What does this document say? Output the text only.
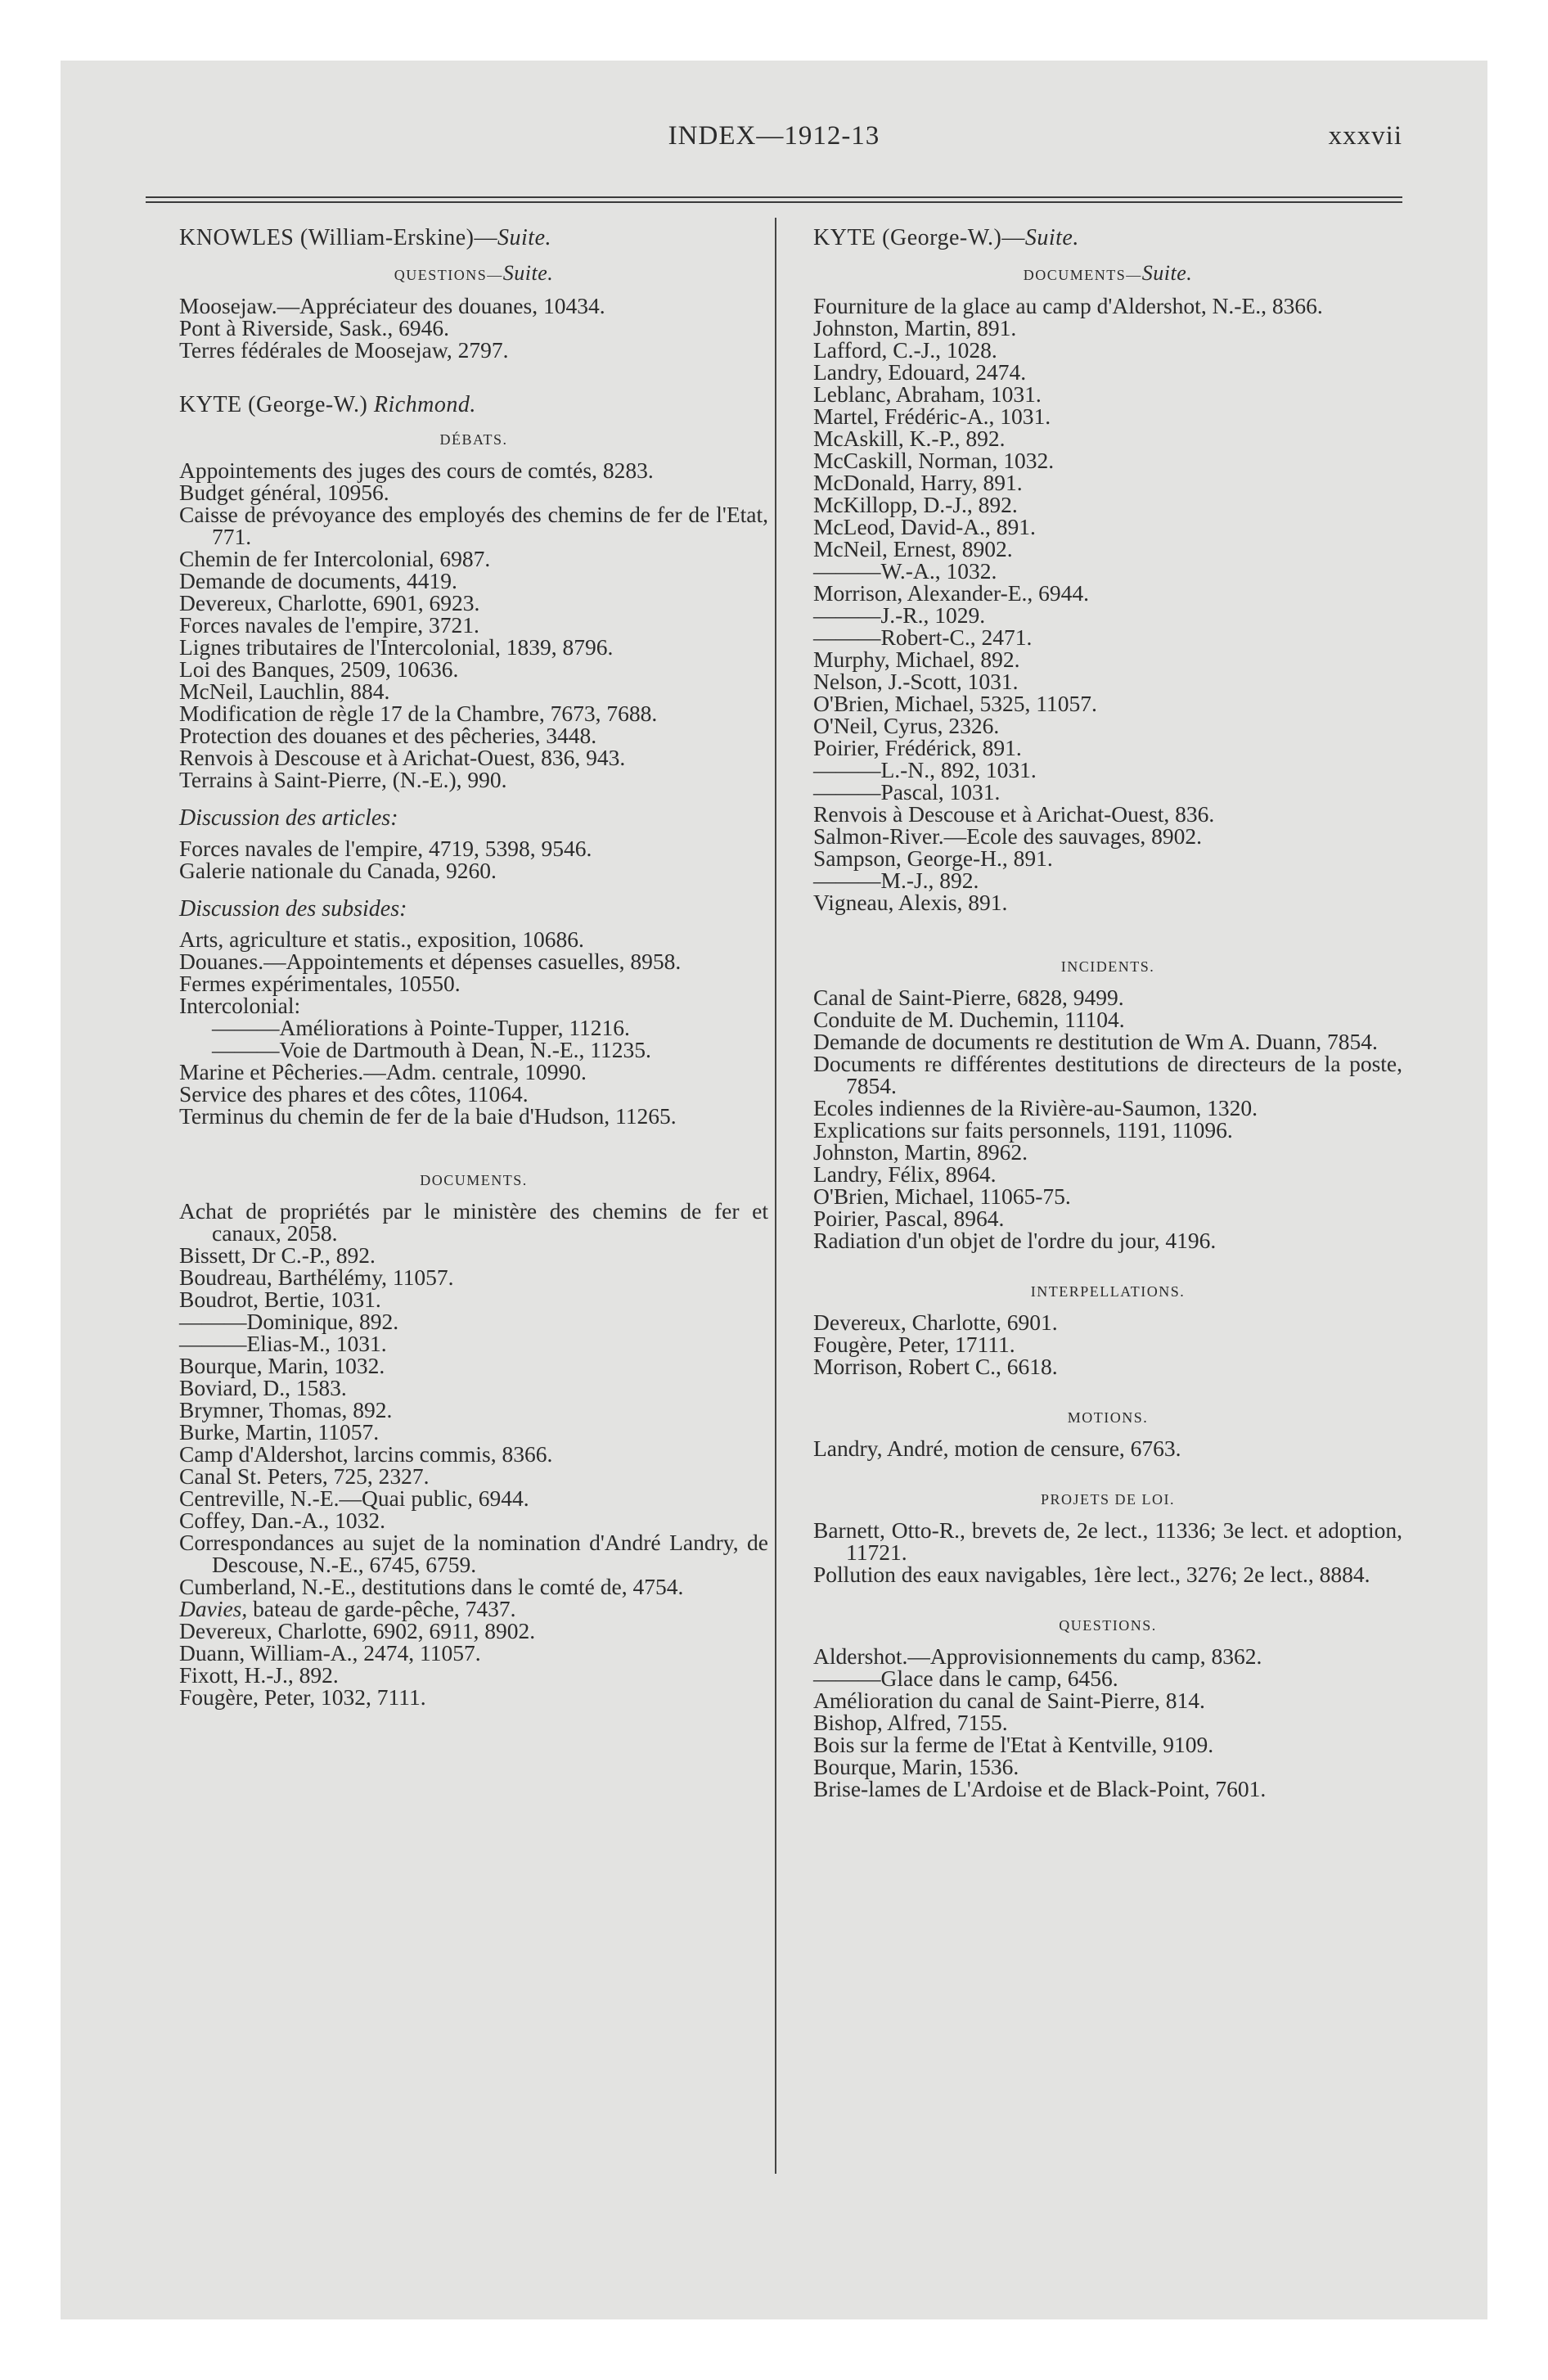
INDEX—1912-13	xxxvii
KNOWLES (William-Erskine)—Suite.
QUESTIONS—Suite.

Moosejaw.—Appréciateur des douanes, 10434.

Pont à Riverside, Sask., 6946.

Terres fédérales de Moosejaw, 2797.

KYTE (George-W.) Richmond.
DÉBATS.

Appointements des juges des cours de comtés, 8283.

Budget général, 10956.

Caisse de prévoyance des employés des chemins de fer de l'Etat, 771.

Chemin de fer Intercolonial, 6987.

Demande de documents, 4419.

Devereux, Charlotte, 6901, 6923.

Forces navales de l'empire, 3721.

Lignes tributaires de l'Intercolonial, 1839, 8796.

Loi des Banques, 2509, 10636.

McNeil, Lauchlin, 884.

Modification de règle 17 de la Chambre, 7673, 7688.

Protection des douanes et des pêcheries, 3448.

Renvois à Descouse et à Arichat-Ouest, 836, 943.

Terrains à Saint-Pierre, (N.-E.), 990.

Discussion des articles:

Forces navales de l'empire, 4719, 5398, 9546.

Galerie nationale du Canada, 9260.

Discussion des subsides:

Arts, agriculture et statis., exposition, 10686.

Douanes.—Appointements et dépenses casuelles, 8958.

Fermes expérimentales, 10550.

Intercolonial:

———Améliorations à Pointe-Tupper, 11216.

———Voie de Dartmouth à Dean, N.-E., 11235.

Marine et Pêcheries.—Adm. centrale, 10990.

Service des phares et des côtes, 11064.

Terminus du chemin de fer de la baie d'Hudson, 11265.

DOCUMENTS.

Achat de propriétés par le ministère des chemins de fer et canaux, 2058.

Bissett, Dr C.-P., 892.

Boudreau, Barthélémy, 11057.

Boudrot, Bertie, 1031.

———Dominique, 892.

———Elias-M., 1031.

Bourque, Marin, 1032.

Boviard, D., 1583.

Brymner, Thomas, 892.

Burke, Martin, 11057.

Camp d'Aldershot, larcins commis, 8366.

Canal St. Peters, 725, 2327.

Centreville, N.-E.—Quai public, 6944.

Coffey, Dan.-A., 1032.

Correspondances au sujet de la nomination d'André Landry, de Descouse, N.-E., 6745, 6759.

Cumberland, N.-E., destitutions dans le comté de, 4754.

Davies, bateau de garde-pêche, 7437.

Devereux, Charlotte, 6902, 6911, 8902.

Duann, William-A., 2474, 11057.

Fixott, H.-J., 892.

Fougère, Peter, 1032, 7111.

KYTE (George-W.)—Suite.
DOCUMENTS—Suite.

Fourniture de la glace au camp d'Aldershot, N.-E., 8366.

Johnston, Martin, 891.

Lafford, C.-J., 1028.

Landry, Edouard, 2474.

Leblanc, Abraham, 1031.

Martel, Frédéric-A., 1031.

McAskill, K.-P., 892.

McCaskill, Norman, 1032.

McDonald, Harry, 891.

McKillopp, D.-J., 892.

McLeod, David-A., 891.

McNeil, Ernest, 8902.

———W.-A., 1032.

Morrison, Alexander-E., 6944.

———J.-R., 1029.

———Robert-C., 2471.

Murphy, Michael, 892.

Nelson, J.-Scott, 1031.

O'Brien, Michael, 5325, 11057.

O'Neil, Cyrus, 2326.

Poirier, Frédérick, 891.

———L.-N., 892, 1031.

———Pascal, 1031.

Renvois à Descouse et à Arichat-Ouest, 836.

Salmon-River.—Ecole des sauvages, 8902.

Sampson, George-H., 891.

———M.-J., 892.

Vigneau, Alexis, 891.

INCIDENTS.

Canal de Saint-Pierre, 6828, 9499.

Conduite de M. Duchemin, 11104.

Demande de documents re destitution de Wm A. Duann, 7854.

Documents re différentes destitutions de directeurs de la poste, 7854.

Ecoles indiennes de la Rivière-au-Saumon, 1320.

Explications sur faits personnels, 1191, 11096.

Johnston, Martin, 8962.

Landry, Félix, 8964.

O'Brien, Michael, 11065-75.

Poirier, Pascal, 8964.

Radiation d'un objet de l'ordre du jour, 4196.

INTERPELLATIONS.

Devereux, Charlotte, 6901.

Fougère, Peter, 17111.

Morrison, Robert C., 6618.

MOTIONS.

Landry, André, motion de censure, 6763.

PROJETS DE LOI.

Barnett, Otto-R., brevets de, 2e lect., 11336; 3e lect. et adoption, 11721.

Pollution des eaux navigables, 1ère lect., 3276; 2e lect., 8884.

QUESTIONS.

Aldershot.—Approvisionnements du camp, 8362.

———Glace dans le camp, 6456.

Amélioration du canal de Saint-Pierre, 814.

Bishop, Alfred, 7155.

Bois sur la ferme de l'Etat à Kentville, 9109.

Bourque, Marin, 1536.

Brise-lames de L'Ardoise et de Black-Point, 7601.
